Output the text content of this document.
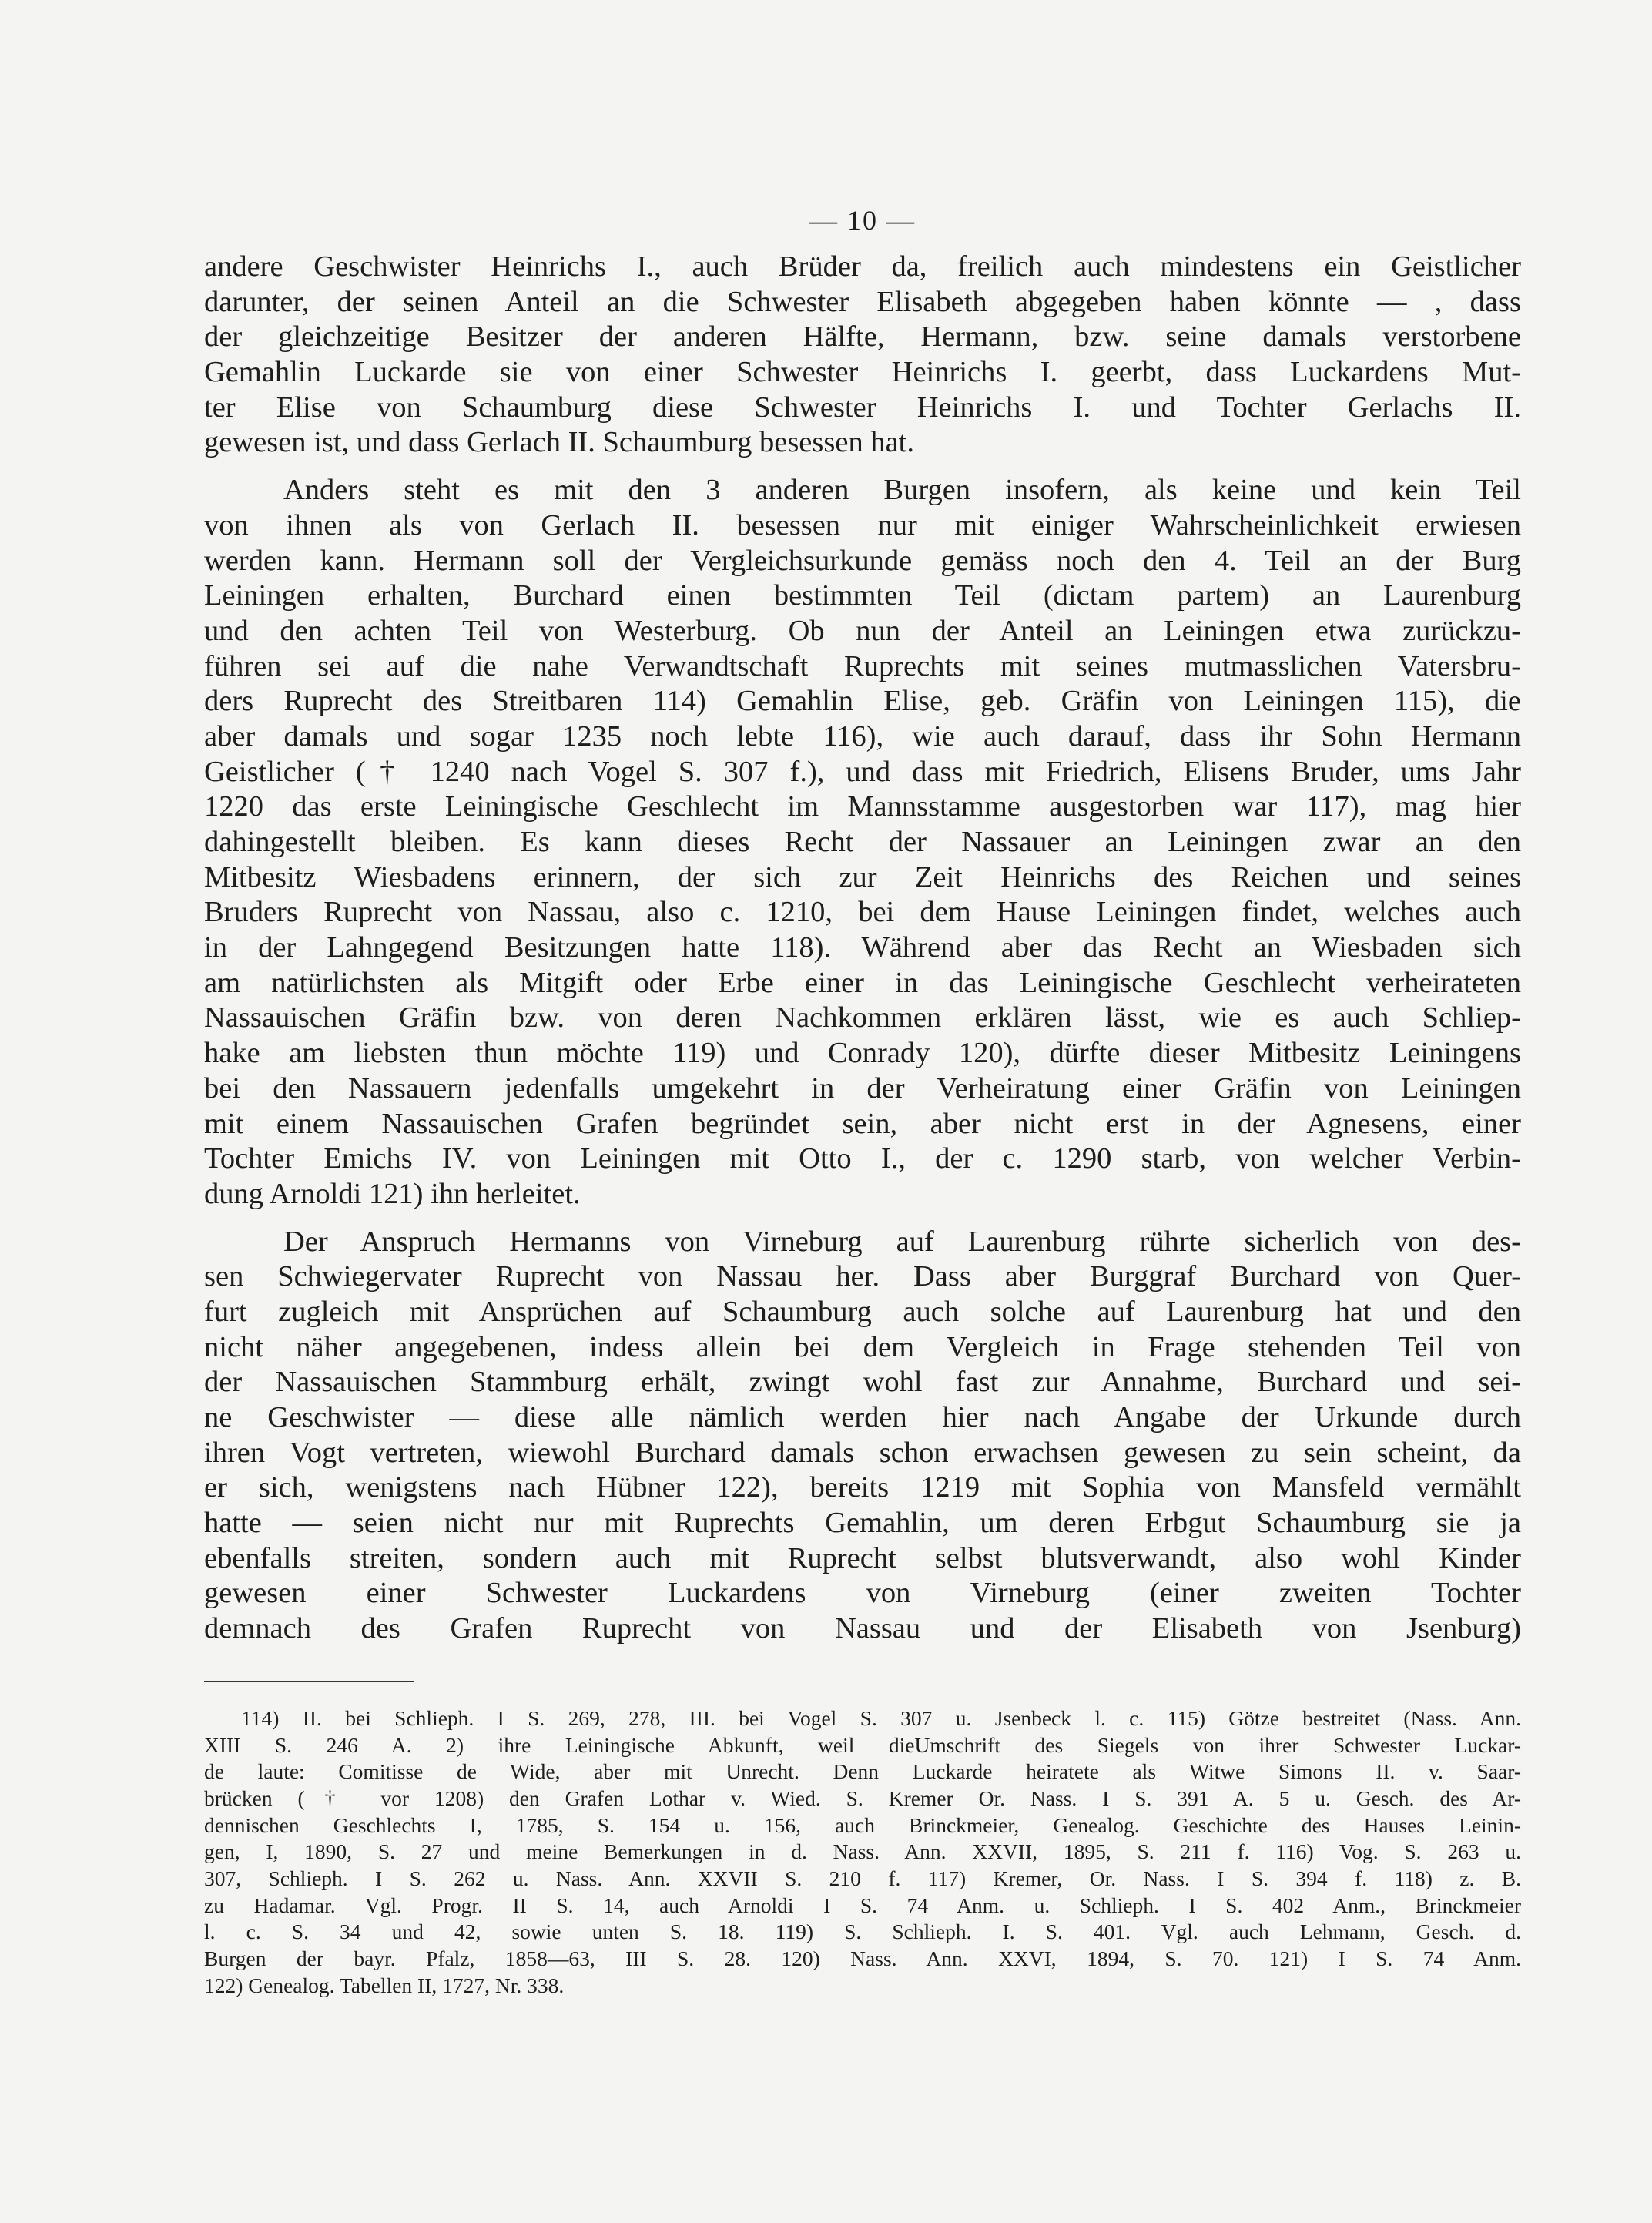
— 10 —
andere Geschwister Heinrichs I., auch Brüder da, freilich auch mindestens ein Geistlicher
darunter, der seinen Anteil an die Schwester Elisabeth abgegeben haben könnte — , dass
der gleichzeitige Besitzer der anderen Hälfte, Hermann, bzw. seine damals verstorbene
Gemahlin Luckarde sie von einer Schwester Heinrichs I. geerbt, dass Luckardens Mut-
ter Elise von Schaumburg diese Schwester Heinrichs I. und Tochter Gerlachs II.
gewesen ist, und dass Gerlach II. Schaumburg besessen hat.
Anders steht es mit den 3 anderen Burgen insofern, als keine und kein Teil
von ihnen als von Gerlach II. besessen nur mit einiger Wahrscheinlichkeit erwiesen
werden kann. Hermann soll der Vergleichsurkunde gemäss noch den 4. Teil an der Burg
Leiningen erhalten, Burchard einen bestimmten Teil (dictam partem) an Laurenburg
und den achten Teil von Westerburg. Ob nun der Anteil an Leiningen etwa zurückzu-
führen sei auf die nahe Verwandtschaft Ruprechts mit seines mutmasslichen Vatersbru-
ders Ruprecht des Streitbaren 114) Gemahlin Elise, geb. Gräfin von Leiningen 115), die
aber damals und sogar 1235 noch lebte 116), wie auch darauf, dass ihr Sohn Hermann
Geistlicher († 1240 nach Vogel S. 307 f.), und dass mit Friedrich, Elisens Bruder, ums Jahr
1220 das erste Leiningische Geschlecht im Mannsstamme ausgestorben war 117), mag hier
dahingestellt bleiben. Es kann dieses Recht der Nassauer an Leiningen zwar an den
Mitbesitz Wiesbadens erinnern, der sich zur Zeit Heinrichs des Reichen und seines
Bruders Ruprecht von Nassau, also c. 1210, bei dem Hause Leiningen findet, welches auch
in der Lahngegend Besitzungen hatte 118). Während aber das Recht an Wiesbaden sich
am natürlichsten als Mitgift oder Erbe einer in das Leiningische Geschlecht verheirateten
Nassauischen Gräfin bzw. von deren Nachkommen erklären lässt, wie es auch Schliep-
hake am liebsten thun möchte 119) und Conrady 120), dürfte dieser Mitbesitz Leiningens
bei den Nassauern jedenfalls umgekehrt in der Verheiratung einer Gräfin von Leiningen
mit einem Nassauischen Grafen begründet sein, aber nicht erst in der Agnesens, einer
Tochter Emichs IV. von Leiningen mit Otto I., der c. 1290 starb, von welcher Verbin-
dung Arnoldi 121) ihn herleitet.
Der Anspruch Hermanns von Virneburg auf Laurenburg rührte sicherlich von des-
sen Schwiegervater Ruprecht von Nassau her. Dass aber Burggraf Burchard von Quer-
furt zugleich mit Ansprüchen auf Schaumburg auch solche auf Laurenburg hat und den
nicht näher angegebenen, indess allein bei dem Vergleich in Frage stehenden Teil von
der Nassauischen Stammburg erhält, zwingt wohl fast zur Annahme, Burchard und sei-
ne Geschwister — diese alle nämlich werden hier nach Angabe der Urkunde durch
ihren Vogt vertreten, wiewohl Burchard damals schon erwachsen gewesen zu sein scheint, da
er sich, wenigstens nach Hübner 122), bereits 1219 mit Sophia von Mansfeld vermählt
hatte — seien nicht nur mit Ruprechts Gemahlin, um deren Erbgut Schaumburg sie ja
ebenfalls streiten, sondern auch mit Ruprecht selbst blutsverwandt, also wohl Kinder
gewesen einer Schwester Luckardens von Virneburg (einer zweiten Tochter
demnach des Grafen Ruprecht von Nassau und der Elisabeth von Jsenburg)
114) II. bei Schlieph. I S. 269, 278, III. bei Vogel S. 307 u. Jsenbeck l. c. 115) Götze bestreitet (Nass. Ann.
XIII S. 246 A. 2) ihre Leiningische Abkunft, weil dieUmschrift des Siegels von ihrer Schwester Luckar-
de laute: Comitisse de Wide, aber mit Unrecht. Denn Luckarde heiratete als Witwe Simons II. v. Saar-
brücken († vor 1208) den Grafen Lothar v. Wied. S. Kremer Or. Nass. I S. 391 A. 5 u. Gesch. des Ar-
dennischen Geschlechts I, 1785, S. 154 u. 156, auch Brinckmeier, Genealog. Geschichte des Hauses Leinin-
gen, I, 1890, S. 27 und meine Bemerkungen in d. Nass. Ann. XXVII, 1895, S. 211 f. 116) Vog. S. 263 u.
307, Schlieph. I S. 262 u. Nass. Ann. XXVII S. 210 f. 117) Kremer, Or. Nass. I S. 394 f. 118) z. B.
zu Hadamar. Vgl. Progr. II S. 14, auch Arnoldi I S. 74 Anm. u. Schlieph. I S. 402 Anm., Brinckmeier
l. c. S. 34 und 42, sowie unten S. 18. 119) S. Schlieph. I. S. 401. Vgl. auch Lehmann, Gesch. d.
Burgen der bayr. Pfalz, 1858—63, III S. 28. 120) Nass. Ann. XXVI, 1894, S. 70. 121) I S. 74 Anm.
122) Genealog. Tabellen II, 1727, Nr. 338.
